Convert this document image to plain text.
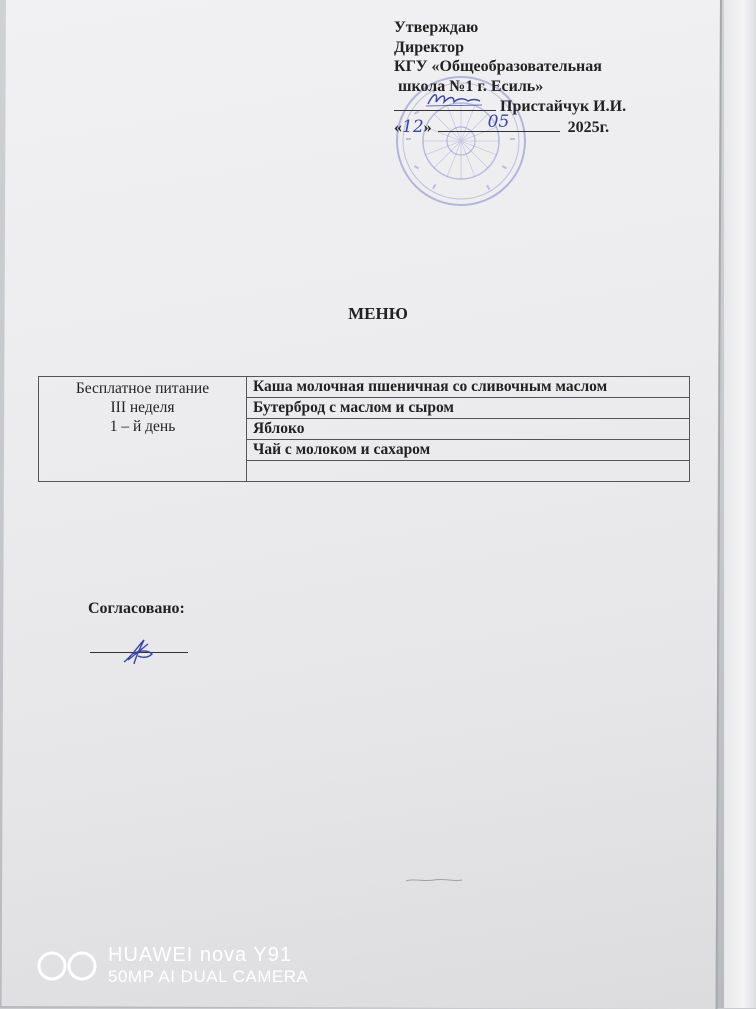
Утверждаю
Директор
КГУ «Общеобразовательная
школа №1 г. Есиль»
Пристайчук И.И.
«12»	05	2025г.
МЕНЮ
Бесплатное питание
III неделя
1 – й день
	Каша молочная пшеничная со сливочным маслом
Бутерброд с маслом и сыром
Яблоко
Чай с молоком и сахаром

Согласовано:
HUAWEI nova Y91
50MP AI DUAL CAMERA
